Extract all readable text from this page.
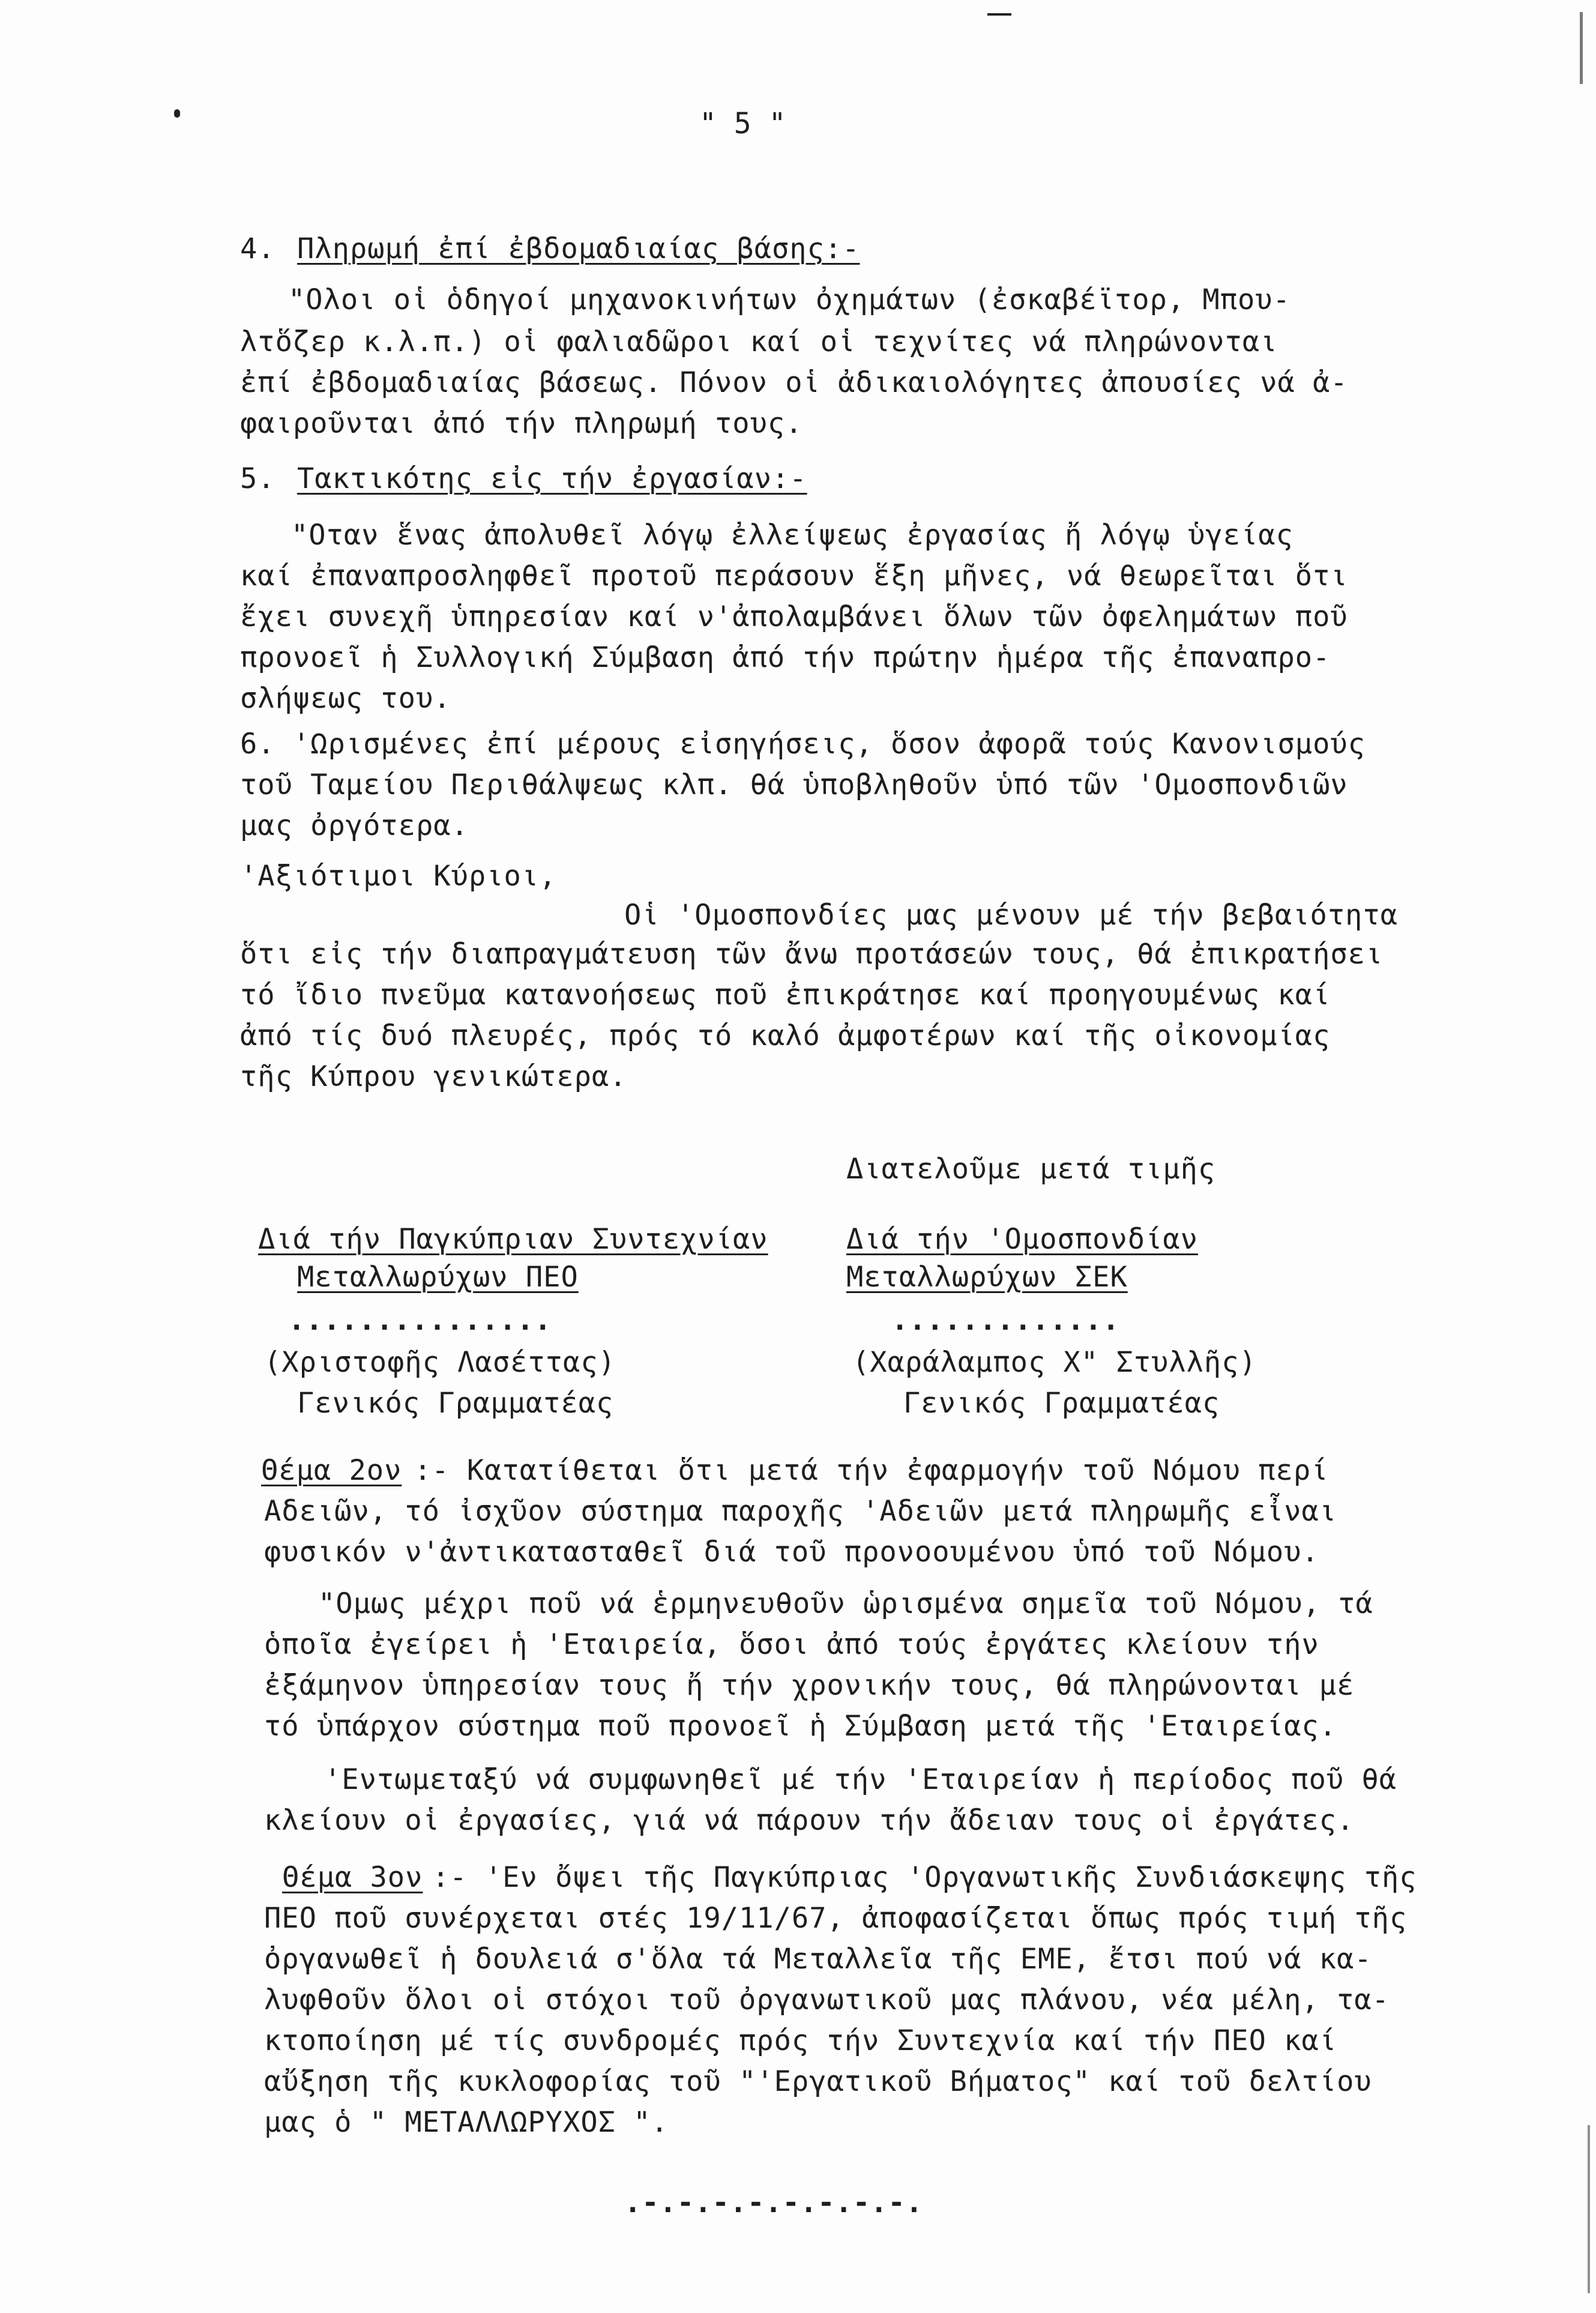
" 5 "
4. Πληρωμή ἐπί ἐβδομαδιαίας βάσης:-
"Ολοι οἱ ὁδηγοί μηχανοκινήτων ὀχημάτων (ἐσκαβέϊτορ, Μπου-
λτὅζερ κ.λ.π.) οἱ φαλιαδῶροι καί οἱ τεχνίτες νά πληρώνονται
ἐπί ἐβδομαδιαίας βάσεως. Πόνον οἱ ἀδικαιολόγητες ἀπουσίες νά ἀ-
φαιροῦνται ἀπό τήν πληρωμή τους.
5. Τακτικότης εἰς τήν ἐργασίαν:-
"Οταν ἕνας ἀπολυθεῖ λόγῳ ἐλλείψεως ἐργασίας ἤ λόγῳ ὑγείας
καί ἐπαναπροσληφθεῖ προτοῦ περάσουν ἕξη μῆνες, νά θεωρεῖται ὅτι
ἔχει συνεχῆ ὑπηρεσίαν καί ν'ἀπολαμβάνει ὅλων τῶν ὀφελημάτων ποῦ
προνοεῖ ἡ Συλλογική Σύμβαση ἀπό τήν πρώτην ἡμέρα τῆς ἐπαναπρο-
σλήψεως του.
6. 'Ωρισμένες ἐπί μέρους εἰσηγήσεις, ὅσον ἀφορᾶ τούς Κανονισμούς
τοῦ Ταμείου Περιθάλψεως κλπ. θά ὑποβληθοῦν ὑπό τῶν 'Ομοσπονδιῶν
μας ὀργότερα.
'Αξιότιμοι Κύριοι,
Οἱ 'Ομοσπονδίες μας μένουν μέ τήν βεβαιότητα
ὅτι εἰς τήν διαπραγμάτευση τῶν ἄνω προτάσεών τους, θά ἐπικρατήσει
τό ἴδιο πνεῦμα κατανοήσεως ποῦ ἐπικράτησε καί προηγουμένως καί
ἀπό τίς δυό πλευρές, πρός τό καλό ἀμφοτέρων καί τῆς οἰκονομίας
τῆς Κύπρου γενικώτερα.
Διατελοῦμε μετά τιμῆς
Διά τήν Παγκύπριαν Συντεχνίαν
Μεταλλωρύχων ΠΕΟ
...............
(Χριστοφῆς Λασέττας)
Γενικός Γραμματέας
Διά τήν 'Ομοσπονδίαν
Μεταλλωρύχων ΣΕΚ
.............
(Χαράλαμπος Χ" Στυλλῆς)
Γενικός Γραμματέας
Θέμα 2ον :- Κατατίθεται ὅτι μετά τήν ἐφαρμογήν τοῦ Νόμου περί
Αδειῶν, τό ἰσχῦον σύστημα παροχῆς 'Αδειῶν μετά πληρωμῆς εἶναι
φυσικόν ν'ἀντικατασταθεῖ διά τοῦ προνοουμένου ὑπό τοῦ Νόμου.
"Ομως μέχρι ποῦ νά ἑρμηνευθοῦν ὡρισμένα σημεῖα τοῦ Νόμου, τά
ὁποῖα ἐγείρει ἡ 'Εταιρεία, ὅσοι ἀπό τούς ἐργάτες κλείουν τήν
ἐξάμηνον ὑπηρεσίαν τους ἤ τήν χρονικήν τους, θά πληρώνονται μέ
τό ὑπάρχον σύστημα ποῦ προνοεῖ ἡ Σύμβαση μετά τῆς 'Εταιρείας.
'Εντωμεταξύ νά συμφωνηθεῖ μέ τήν 'Εταιρείαν ἡ περίοδος ποῦ θά
κλείουν οἱ ἐργασίες, γιά νά πάρουν τήν ἄδειαν τους οἱ ἐργάτες.
Θέμα 3ον :- 'Εν ὄψει τῆς Παγκύπριας 'Οργανωτικῆς Συνδιάσκεψης τῆς
ΠΕΟ ποῦ συνέρχεται στές 19/11/67, ἀποφασίζεται ὅπως πρός τιμή τῆς
ὀργανωθεῖ ἡ δουλειά σ'ὅλα τά Μεταλλεῖα τῆς ΕΜΕ, ἔτσι πού νά κα-
λυφθοῦν ὅλοι οἱ στόχοι τοῦ ὀργανωτικοῦ μας πλάνου, νέα μέλη, τα-
κτοποίηση μέ τίς συνδρομές πρός τήν Συντεχνία καί τήν ΠΕΟ καί
αὔξηση τῆς κυκλοφορίας τοῦ "'Εργατικοῦ Βήματος" καί τοῦ δελτίου
μας ὁ " ΜΕΤΑΛΛΩΡΥΧΟΣ ".
.-.-.-.-.-.-.-.-.
